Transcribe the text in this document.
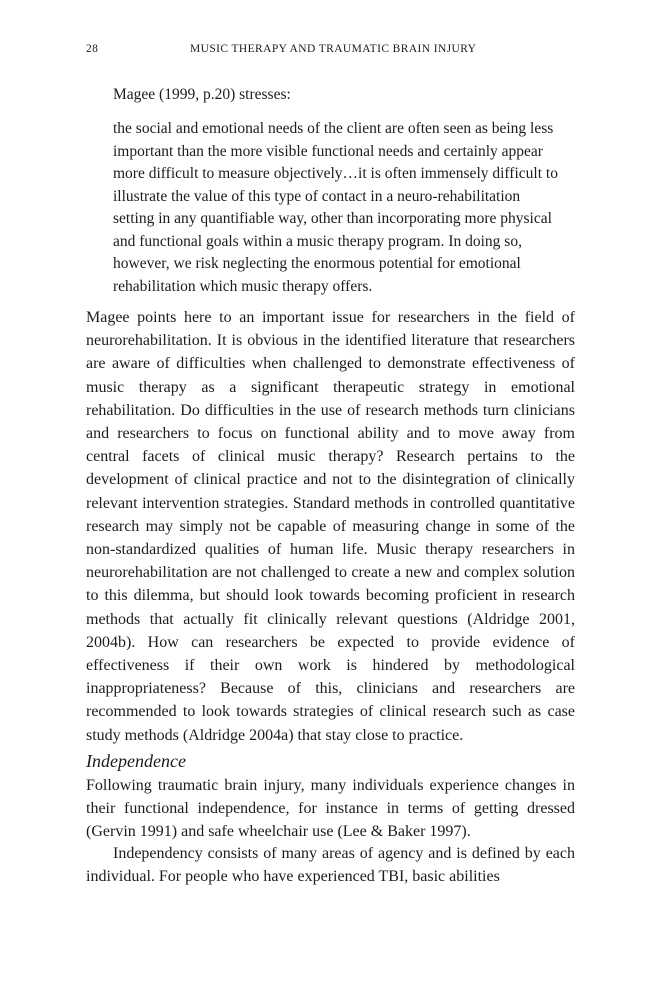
28	MUSIC THERAPY AND TRAUMATIC BRAIN INJURY

Magee (1999, p.20) stresses:

the social and emotional needs of the client are often seen as being less important than the more visible functional needs and certainly appear more difficult to measure objectively…it is often immensely difficult to illustrate the value of this type of contact in a neuro-rehabilitation setting in any quantifiable way, other than incorporating more physical and functional goals within a music therapy program. In doing so, however, we risk neglecting the enormous potential for emotional rehabilitation which music therapy offers.

Magee points here to an important issue for researchers in the field of neurorehabilitation. It is obvious in the identified literature that researchers are aware of difficulties when challenged to demonstrate effectiveness of music therapy as a significant therapeutic strategy in emotional rehabilitation. Do difficulties in the use of research methods turn clinicians and researchers to focus on functional ability and to move away from central facets of clinical music therapy? Research pertains to the development of clinical practice and not to the disintegration of clinically relevant intervention strategies. Standard methods in controlled quantitative research may simply not be capable of measuring change in some of the non-standardized qualities of human life. Music therapy researchers in neurorehabilitation are not challenged to create a new and complex solution to this dilemma, but should look towards becoming proficient in research methods that actually fit clinically relevant questions (Aldridge 2001, 2004b). How can researchers be expected to provide evidence of effectiveness if their own work is hindered by methodological inappropriateness? Because of this, clinicians and researchers are recommended to look towards strategies of clinical research such as case study methods (Aldridge 2004a) that stay close to practice.

Independence

Following traumatic brain injury, many individuals experience changes in their functional independence, for instance in terms of getting dressed (Gervin 1991) and safe wheelchair use (Lee & Baker 1997).

Independency consists of many areas of agency and is defined by each individual. For people who have experienced TBI, basic abilities
